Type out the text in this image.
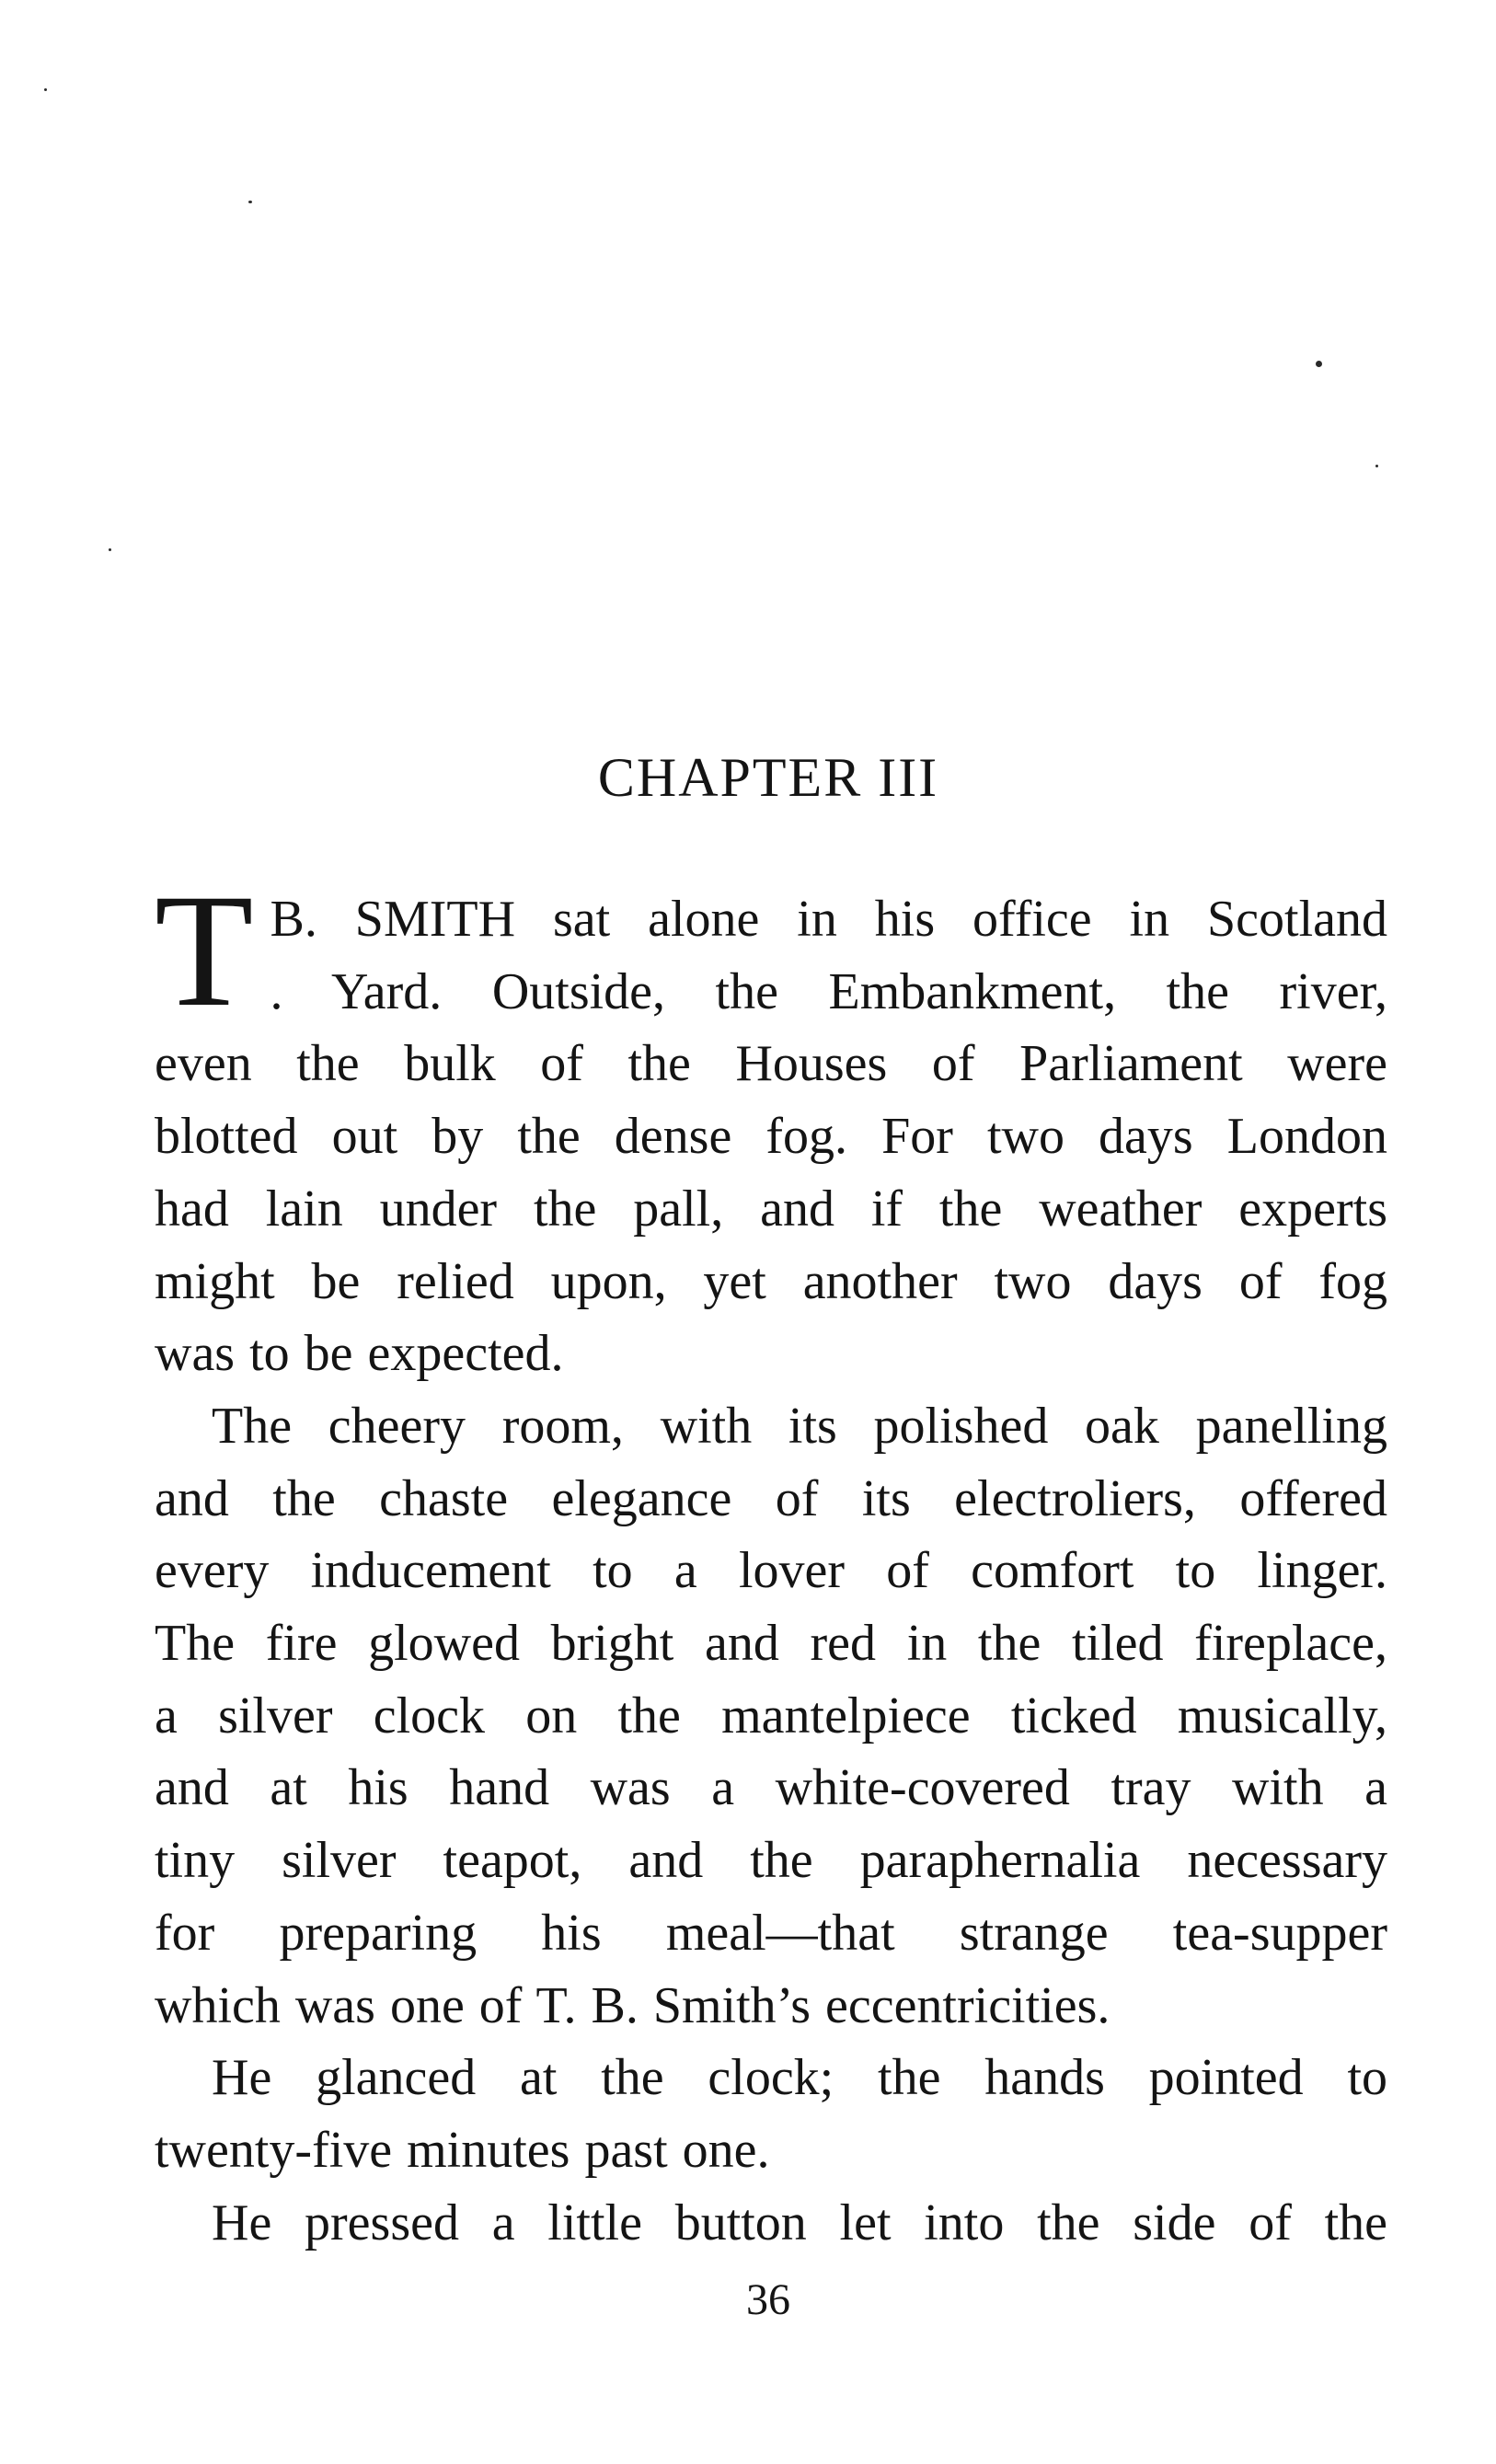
CHAPTER III

T B. SMITH sat alone in his office in Scotland
. Yard. Outside, the Embankment, the river,
even the bulk of the Houses of Parliament were
blotted out by the dense fog. For two days London
had lain under the pall, and if the weather experts
might be relied upon, yet another two days of fog
was to be expected.

The cheery room, with its polished oak panelling
and the chaste elegance of its electroliers, offered
every inducement to a lover of comfort to linger.
The fire glowed bright and red in the tiled fireplace,
a silver clock on the mantelpiece ticked musically,
and at his hand was a white-covered tray with a
tiny silver teapot, and the paraphernalia necessary
for preparing his meal—that strange tea-supper
which was one of T. B. Smith’s eccentricities.

He glanced at the clock; the hands pointed to
twenty-five minutes past one.

He pressed a little button let into the side of the

36
